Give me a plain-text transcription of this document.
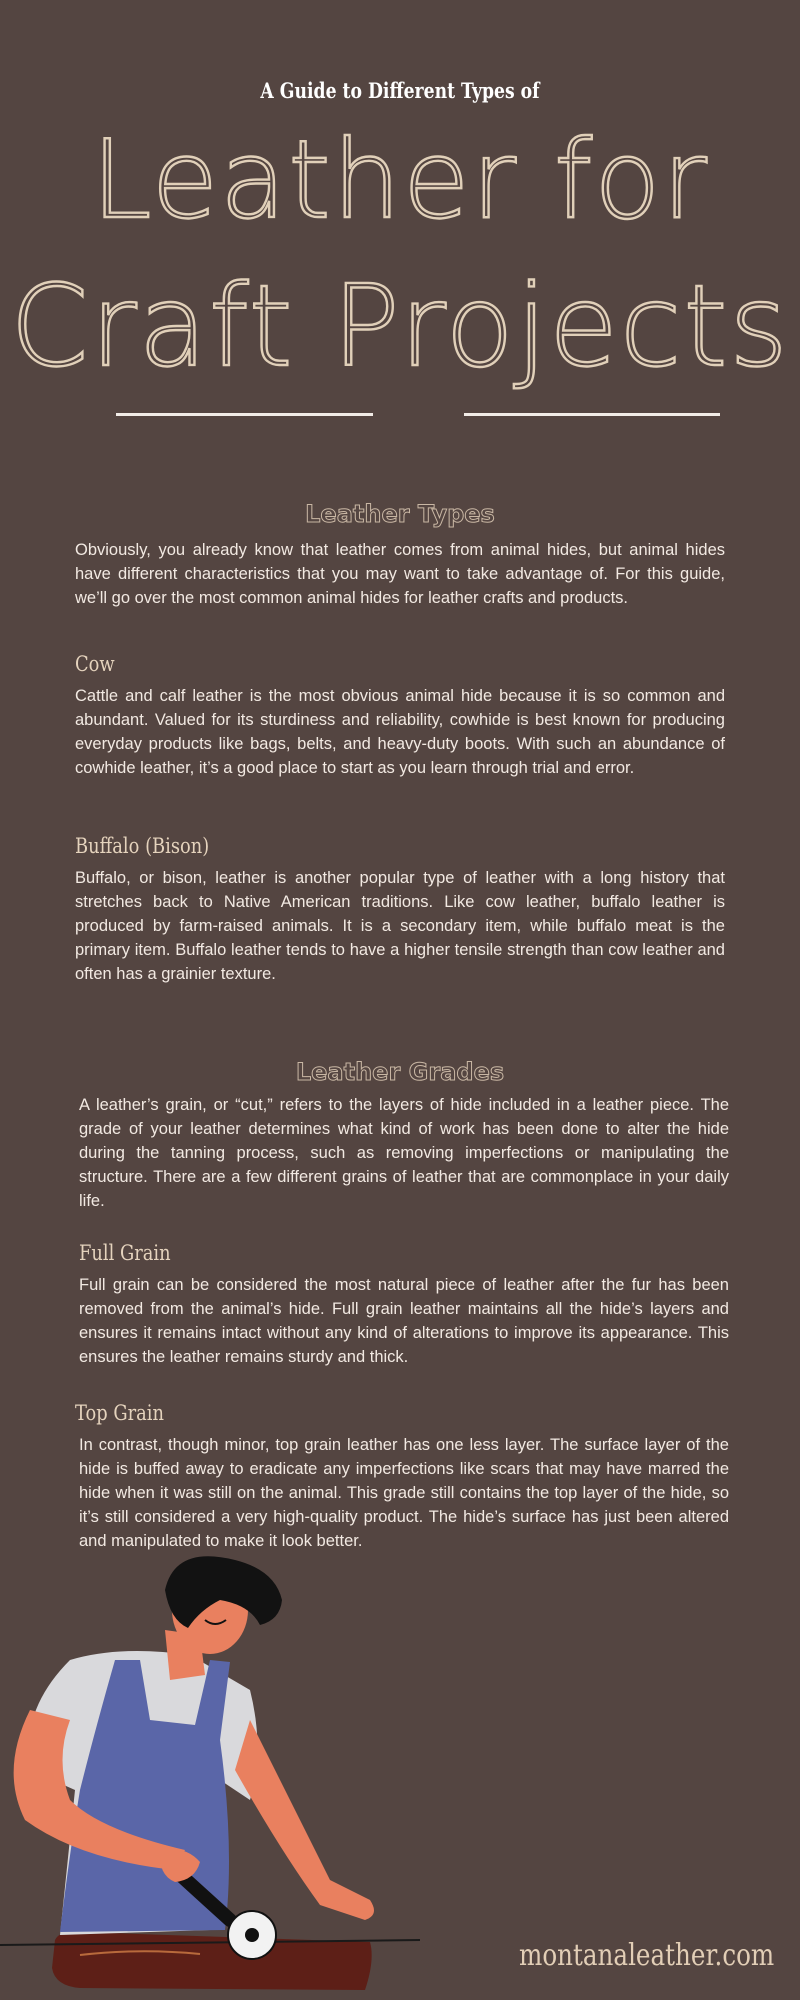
A Guide to Different Types of
Leather for
Craft Projects
Leather Types
Obviously, you already know that leather comes from animal hides, but animal hides have different characteristics that you may want to take advantage of. For this guide, we’ll go over the most common animal hides for leather crafts and products.
Cow
Cattle and calf leather is the most obvious animal hide because it is so common and abundant. Valued for its sturdiness and reliability, cowhide is best known for producing everyday products like bags, belts, and heavy-duty boots. With such an abundance of cowhide leather, it’s a good place to start as you learn through trial and error.
Buffalo (Bison)
Buffalo, or bison, leather is another popular type of leather with a long history that stretches back to Native American traditions. Like cow leather, buffalo leather is produced by farm-raised animals. It is a secondary item, while buffalo meat is the primary item. Buffalo leather tends to have a higher tensile strength than cow leather and often has a grainier texture.
Leather Grades
A leather’s grain, or “cut,” refers to the layers of hide included in a leather piece. The grade of your leather determines what kind of work has been done to alter the hide during the tanning process, such as removing imperfections or manipulating the structure. There are a few different grains of leather that are commonplace in your daily life.
Full Grain
Full grain can be considered the most natural piece of leather after the fur has been removed from the animal’s hide. Full grain leather maintains all the hide’s layers and ensures it remains intact without any kind of alterations to improve its appearance. This ensures the leather remains sturdy and thick.
Top Grain
In contrast, though minor, top grain leather has one less layer. The surface layer of the hide is buffed away to eradicate any imperfections like scars that may have marred the hide when it was still on the animal. This grade still contains the top layer of the hide, so it’s still considered a very high-quality product. The hide’s surface has just been altered and manipulated to make it look better.
montanaleather.com
